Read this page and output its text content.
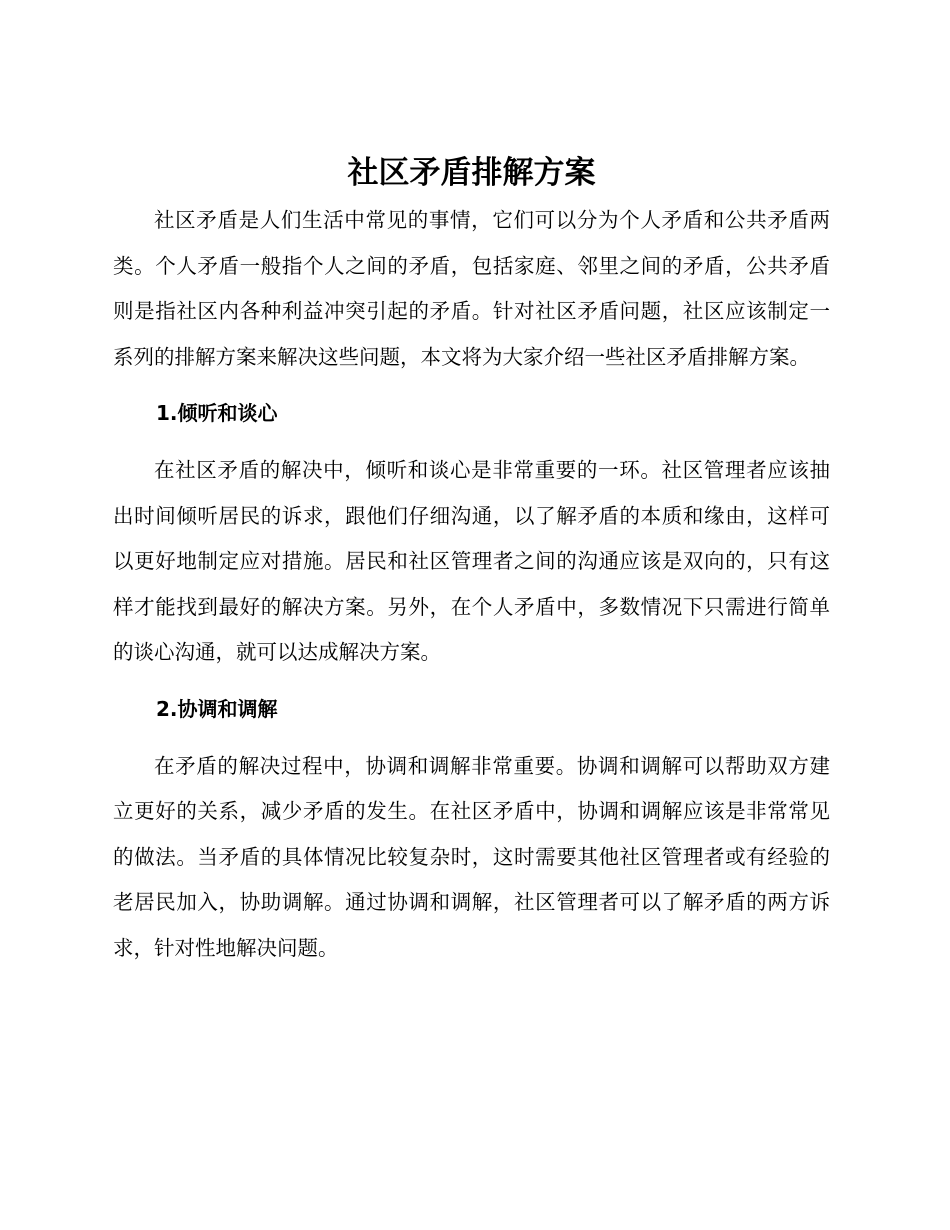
社区矛盾排解方案

社区矛盾是人们生活中常见的事情，它们可以分为个人矛盾和公共矛盾两类。个人矛盾一般指个人之间的矛盾，包括家庭、邻里之间的矛盾，公共矛盾则是指社区内各种利益冲突引起的矛盾。针对社区矛盾问题，社区应该制定一系列的排解方案来解决这些问题，本文将为大家介绍一些社区矛盾排解方案。

1.倾听和谈心

在社区矛盾的解决中，倾听和谈心是非常重要的一环。社区管理者应该抽出时间倾听居民的诉求，跟他们仔细沟通，以了解矛盾的本质和缘由，这样可以更好地制定应对措施。居民和社区管理者之间的沟通应该是双向的，只有这样才能找到最好的解决方案。另外，在个人矛盾中，多数情况下只需进行简单的谈心沟通，就可以达成解决方案。

2.协调和调解

在矛盾的解决过程中，协调和调解非常重要。协调和调解可以帮助双方建立更好的关系，减少矛盾的发生。在社区矛盾中，协调和调解应该是非常常见的做法。当矛盾的具体情况比较复杂时，这时需要其他社区管理者或有经验的老居民加入，协助调解。通过协调和调解，社区管理者可以了解矛盾的两方诉求，针对性地解决问题。
